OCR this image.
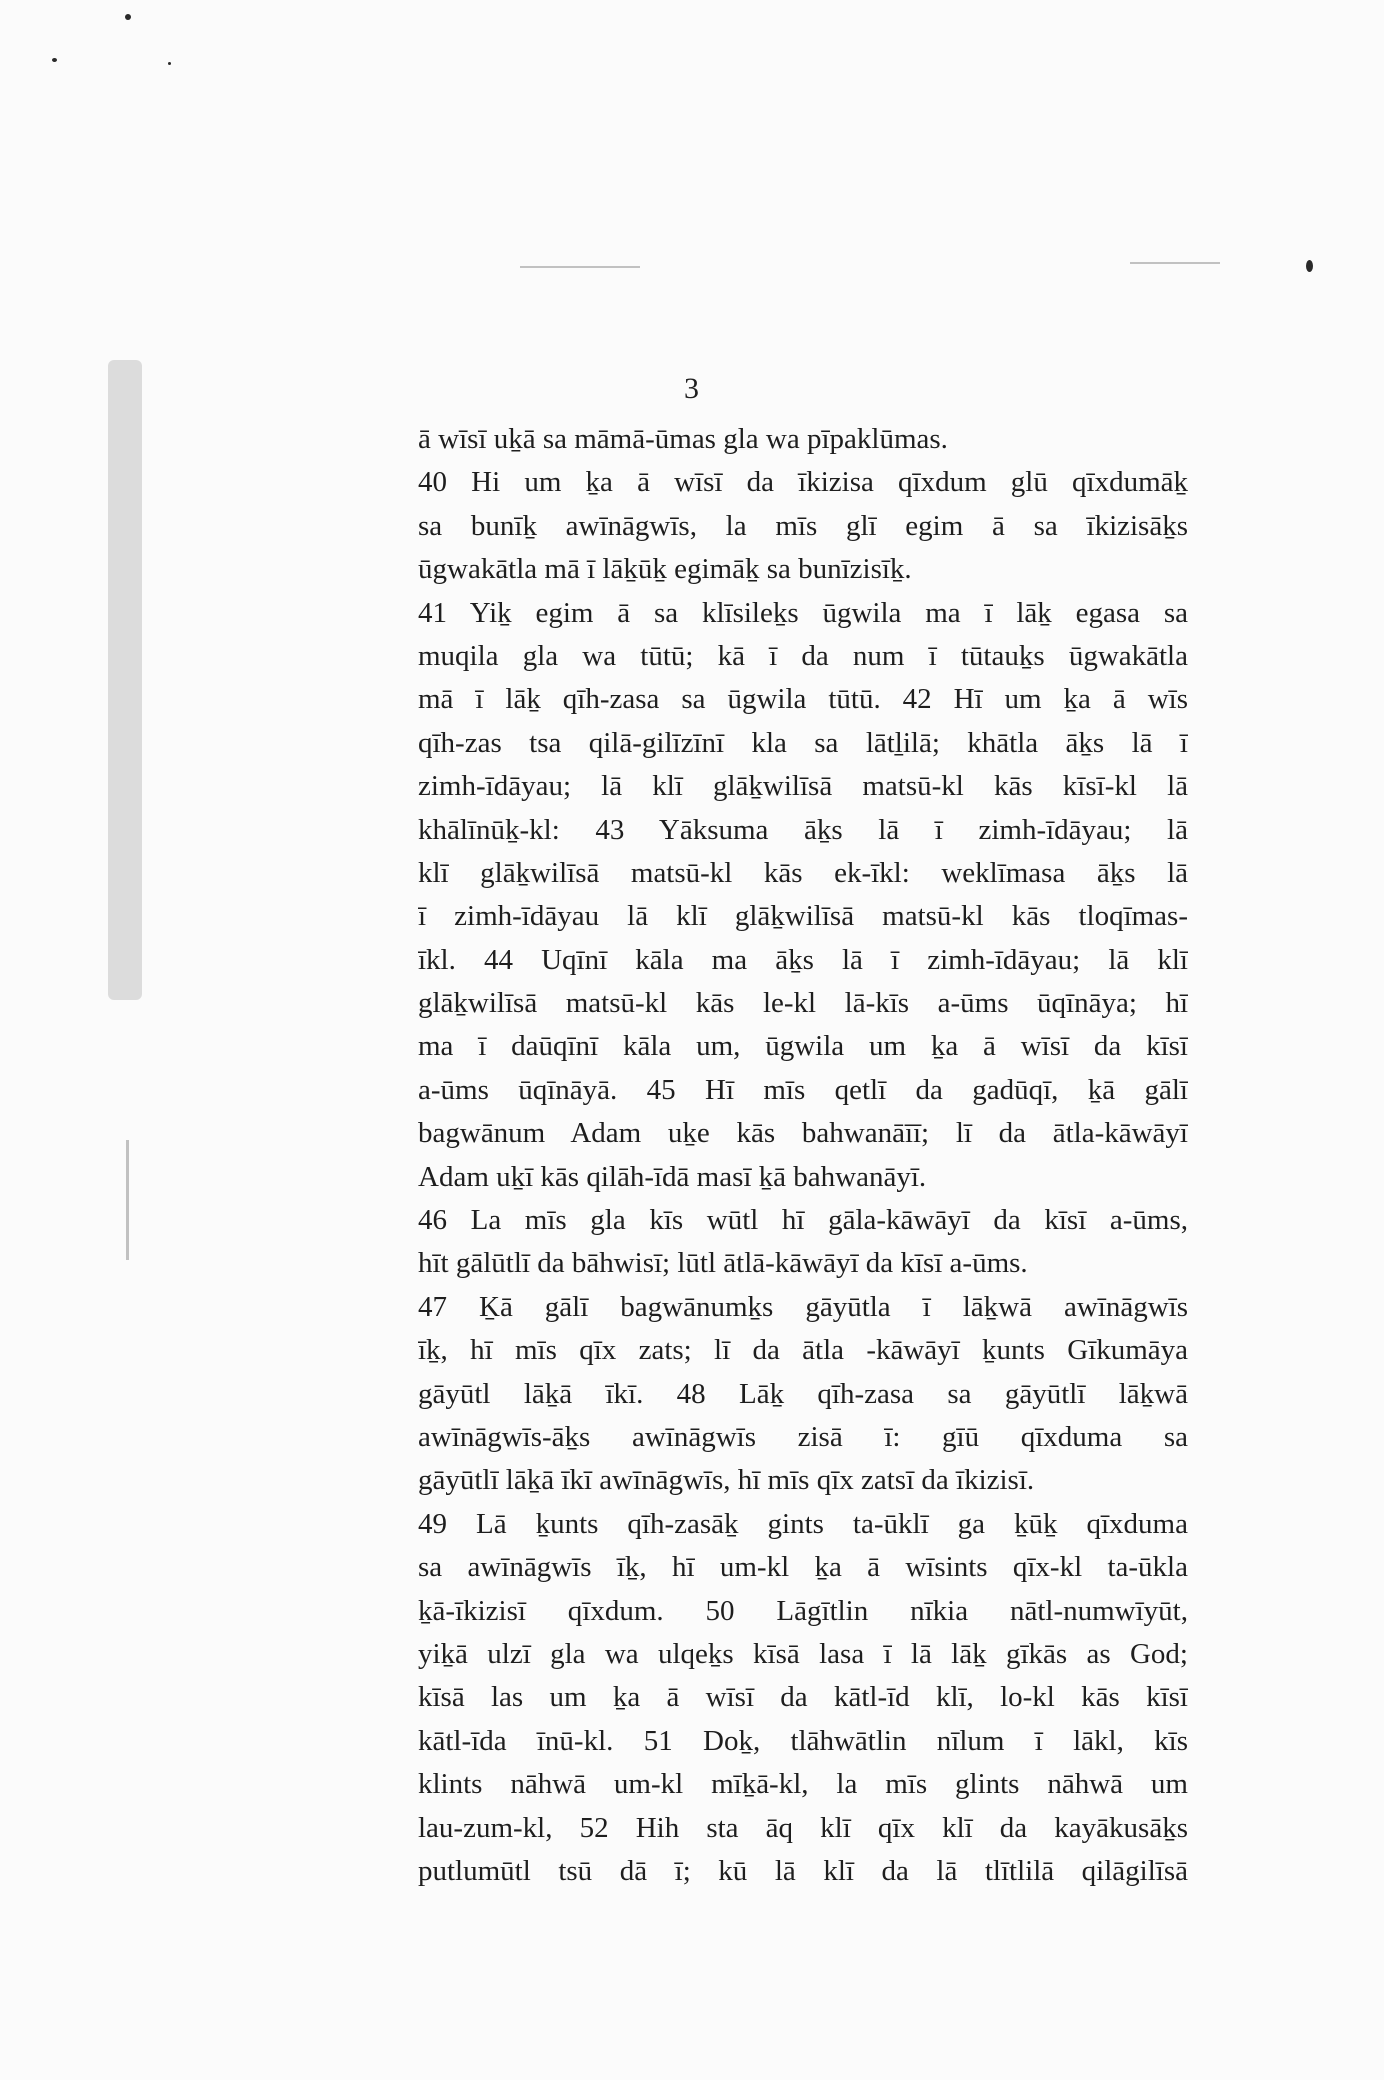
3
ā wīsī uḵā sa māmā-ūmas gla wa pīpaklūmas.
40 Hi um ḵa ā wīsī da īkizisa qīxdum glū qīxdumāḵ
sa bunīḵ awīnāgwīs, la mīs glī egim ā sa īkizisāḵs
ūgwakātla mā ī lāḵūḵ egimāḵ sa bunīzisīḵ.
41 Yiḵ egim ā sa klīsileḵs ūgwila ma ī lāḵ egasa sa
muqila gla wa tūtū; kā ī da num ī tūtauḵs ūgwakātla
mā ī lāḵ qīh-zasa sa ūgwila tūtū. 42 Hī um ḵa ā wīs
qīh-zas tsa qilā-gilīzīnī kla sa lātḻilā; khātla āḵs lā ī
zimh-īdāyau; lā klī glāḵwilīsā matsū-kl kās kīsī-kl lā
khālīnūḵ-kl: 43 Yāksuma āḵs lā ī zimh-īdāyau; lā
klī glāḵwilīsā matsū-kl kās ek-īkl: weklīmasa āḵs lā
ī zimh-īdāyau lā klī glāḵwilīsā matsū-kl kās tloqīmas-
īkl. 44 Uqīnī kāla ma āḵs lā ī zimh-īdāyau; lā klī
glāḵwilīsā matsū-kl kās le-kl lā-kīs a-ūms ūqīnāya; hī
ma ī daūqīnī kāla um, ūgwila um ḵa ā wīsī da kīsī
a-ūms ūqīnāyā. 45 Hī mīs qetlī da gadūqī, ḵā gālī
bagwānum Adam uḵe kās bahwanāīī; lī da ātla-kāwāyī
Adam uḵī kās qilāh-īdā masī ḵā bahwanāyī.
46 La mīs gla kīs wūtl hī gāla-kāwāyī da kīsī a-ūms,
hīt gālūtlī da bāhwisī; lūtl ātlā-kāwāyī da kīsī a-ūms.
47 Ḵā gālī bagwānumḵs gāyūtla ī lāḵwā awīnāgwīs
īḵ, hī mīs qīx zats; lī da ātla -kāwāyī ḵunts Gīkumāya
gāyūtl lāḵā īkī. 48 Lāḵ qīh-zasa sa gāyūtlī lāḵwā
awīnāgwīs-āḵs awīnāgwīs zisā ī: gīū qīxduma sa
gāyūtlī lāḵā īkī awīnāgwīs, hī mīs qīx zatsī da īkizisī.
49 Lā ḵunts qīh-zasāḵ gints ta-ūklī ga ḵūḵ qīxduma
sa awīnāgwīs īḵ, hī um-kl ḵa ā wīsints qīx-kl ta-ūkla
ḵā-īkizisī qīxdum. 50 Lāgītlin nīkia nātl-numwīyūt,
yiḵā ulzī gla wa ulqeḵs kīsā lasa ī lā lāḵ gīkās as God;
kīsā las um ḵa ā wīsī da kātl-īd klī, lo-kl kās kīsī
kātl-īda īnū-kl. 51 Doḵ, tlāhwātlin nīlum ī lākl, kīs
klints nāhwā um-kl mīḵā-kl, la mīs glints nāhwā um
lau-zum-kl, 52 Hih sta āq klī qīx klī da kayākusāḵs
putlumūtl tsū dā ī; kū lā klī da lā tlītlilā qilāgilīsā
